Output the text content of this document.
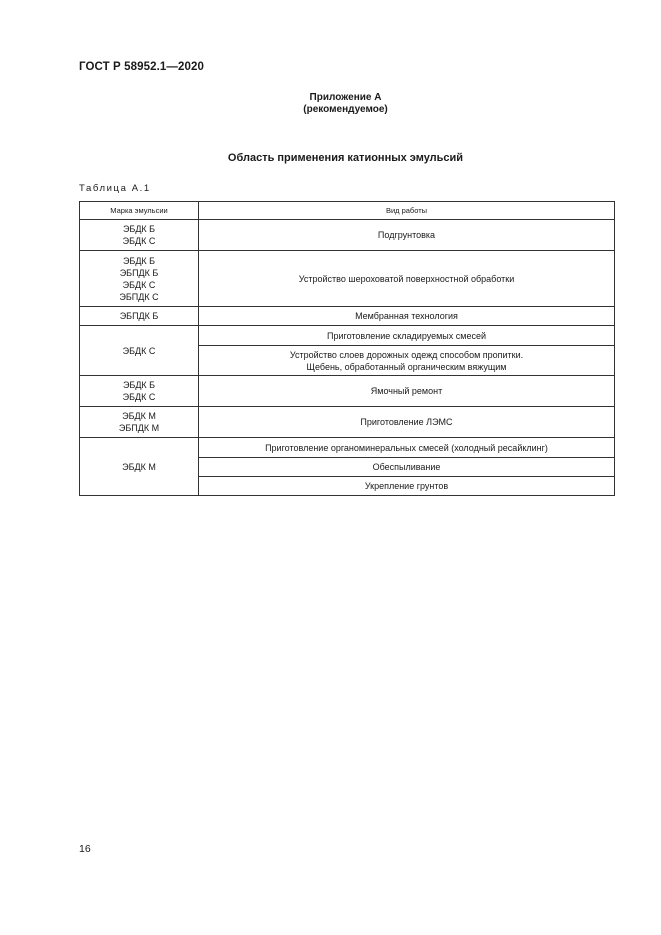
ГОСТ Р 58952.1—2020
Приложение А
(рекомендуемое)
Область применения катионных эмульсий
Таблица А.1
Марка эмульсии	Вид работы

ЭБДК Б
ЭБДК С	Подгрунтовка

ЭБДК Б
ЭБПДК Б
ЭБДК С
ЭБПДК С	Устройство шероховатой поверхностной обработки

ЭБПДК Б	Мембранная технология

ЭБДК С	Приготовление складируемых смесей
	Устройство слоев дорожных одежд способом пропитки.
Щебень, обработанный органическим вяжущим

ЭБДК Б
ЭБДК С	Ямочный ремонт

ЭБДК М
ЭБПДК М	Приготовление ЛЭМС

ЭБДК М	Приготовление органоминеральных смесей (холодный ресайклинг)
	Обеспыливание
	Укрепление грунтов
16
